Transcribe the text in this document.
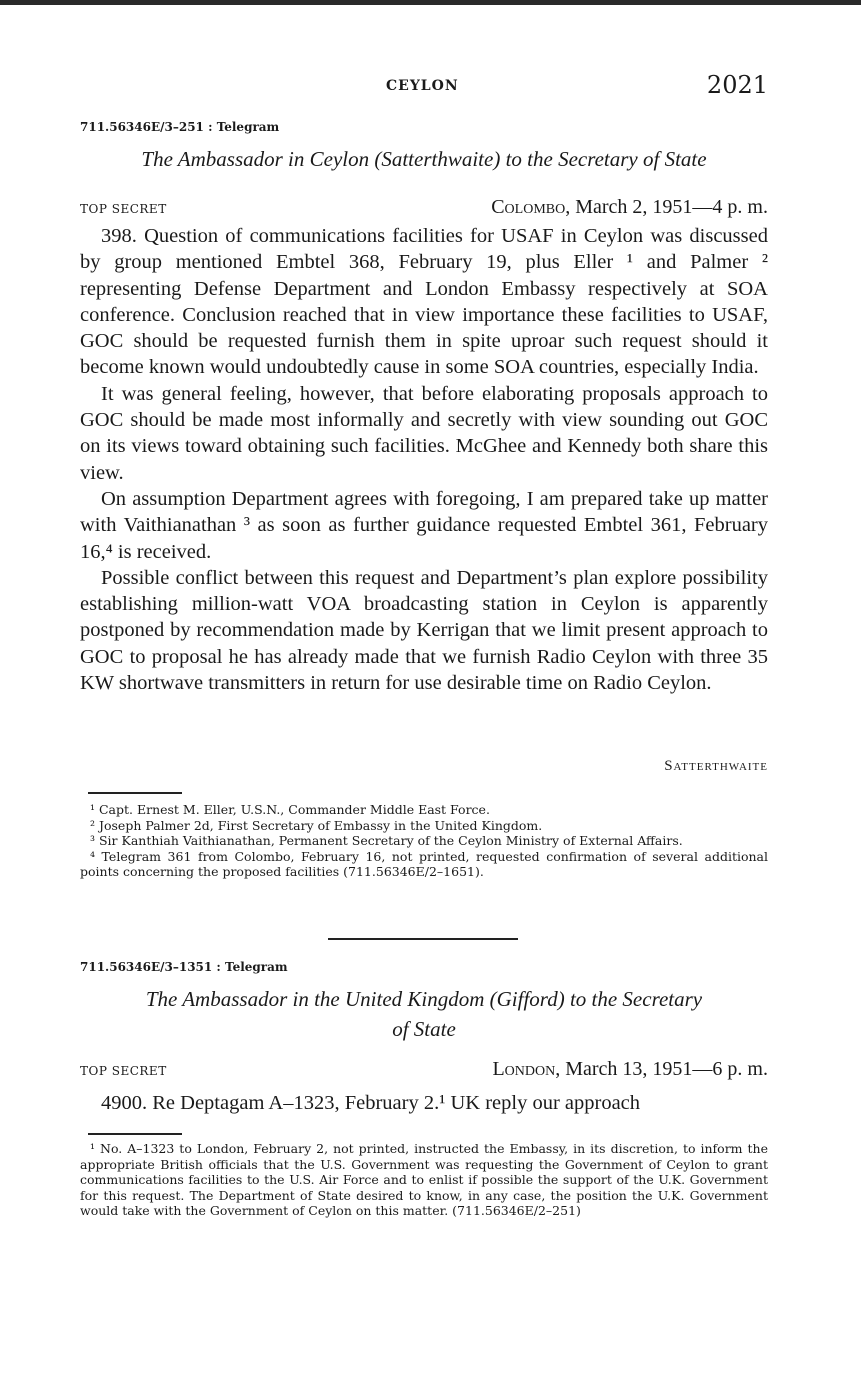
CEYLON	2021
711.56346E/3–251 : Telegram
The Ambassador in Ceylon (Satterthwaite) to the Secretary of State
TOP SECRET	Colombo, March 2, 1951—4 p. m.

398. Question of communications facilities for USAF in Ceylon was discussed by group mentioned Embtel 368, February 19, plus Eller ¹ and Palmer ² representing Defense Department and London Embassy respectively at SOA conference. Conclusion reached that in view importance these facilities to USAF, GOC should be requested furnish them in spite uproar such request should it become known would undoubtedly cause in some SOA countries, especially India.

It was general feeling, however, that before elaborating proposals approach to GOC should be made most informally and secretly with view sounding out GOC on its views toward obtaining such facilities. McGhee and Kennedy both share this view.

On assumption Department agrees with foregoing, I am prepared take up matter with Vaithianathan ³ as soon as further guidance requested Embtel 361, February 16,⁴ is received.

Possible conflict between this request and Department’s plan explore possibility establishing million-watt VOA broadcasting station in Ceylon is apparently postponed by recommendation made by Kerrigan that we limit present approach to GOC to proposal he has already made that we furnish Radio Ceylon with three 35 KW shortwave transmitters in return for use desirable time on Radio Ceylon.

Satterthwaite

¹ Capt. Ernest M. Eller, U.S.N., Commander Middle East Force.

² Joseph Palmer 2d, First Secretary of Embassy in the United Kingdom.

³ Sir Kanthiah Vaithianathan, Permanent Secretary of the Ceylon Ministry of External Affairs.

⁴ Telegram 361 from Colombo, February 16, not printed, requested confirmation of several additional points concerning the proposed facilities (711.56346E/2–1651).

711.56346E/3–1351 : Telegram
The Ambassador in the United Kingdom (Gifford) to the Secretary
of State
TOP SECRET	London, March 13, 1951—6 p. m.

4900. Re Deptagam A–1323, February 2.¹ UK reply our approach

¹ No. A–1323 to London, February 2, not printed, instructed the Embassy, in its discretion, to inform the appropriate British officials that the U.S. Government was requesting the Government of Ceylon to grant communications facilities to the U.S. Air Force and to enlist if possible the support of the U.K. Government for this request. The Department of State desired to know, in any case, the position the U.K. Government would take with the Government of Ceylon on this matter. (711.56346E/2–251)
